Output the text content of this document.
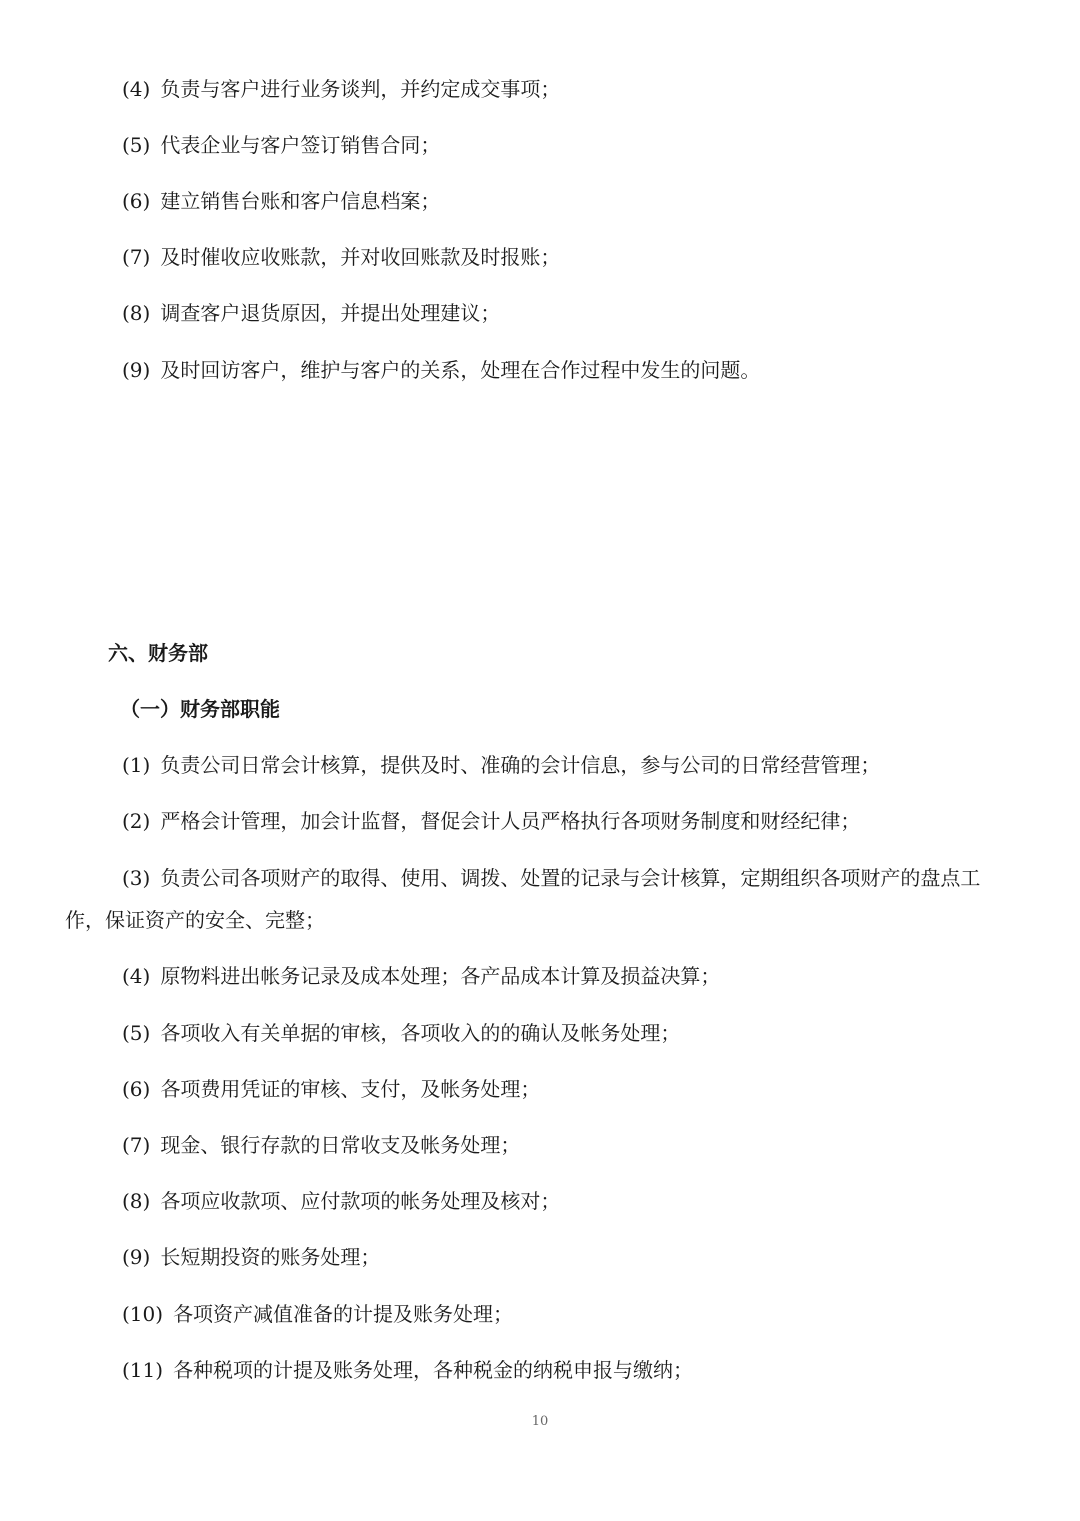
(4) 负责与客户进行业务谈判，并约定成交事项；
(5) 代表企业与客户签订销售合同；
(6) 建立销售台账和客户信息档案；
(7) 及时催收应收账款，并对收回账款及时报账；
(8) 调查客户退货原因，并提出处理建议；
(9) 及时回访客户，维护与客户的关系，处理在合作过程中发生的问题。
六、财务部
（一）财务部职能
(1) 负责公司日常会计核算，提供及时、准确的会计信息，参与公司的日常经营管理；
(2) 严格会计管理，加会计监督，督促会计人员严格执行各项财务制度和财经纪律；
(3) 负责公司各项财产的取得、使用、调拨、处置的记录与会计核算，定期组织各项财产的盘点工作，保证资产的安全、完整；
(4) 原物料进出帐务记录及成本处理；各产品成本计算及损益决算；
(5) 各项收入有关单据的审核，各项收入的的确认及帐务处理；
(6) 各项费用凭证的审核、支付，及帐务处理；
(7) 现金、银行存款的日常收支及帐务处理；
(8) 各项应收款项、应付款项的帐务处理及核对；
(9) 长短期投资的账务处理；
(10) 各项资产减值准备的计提及账务处理；
(11) 各种税项的计提及账务处理，各种税金的纳税申报与缴纳；
10
